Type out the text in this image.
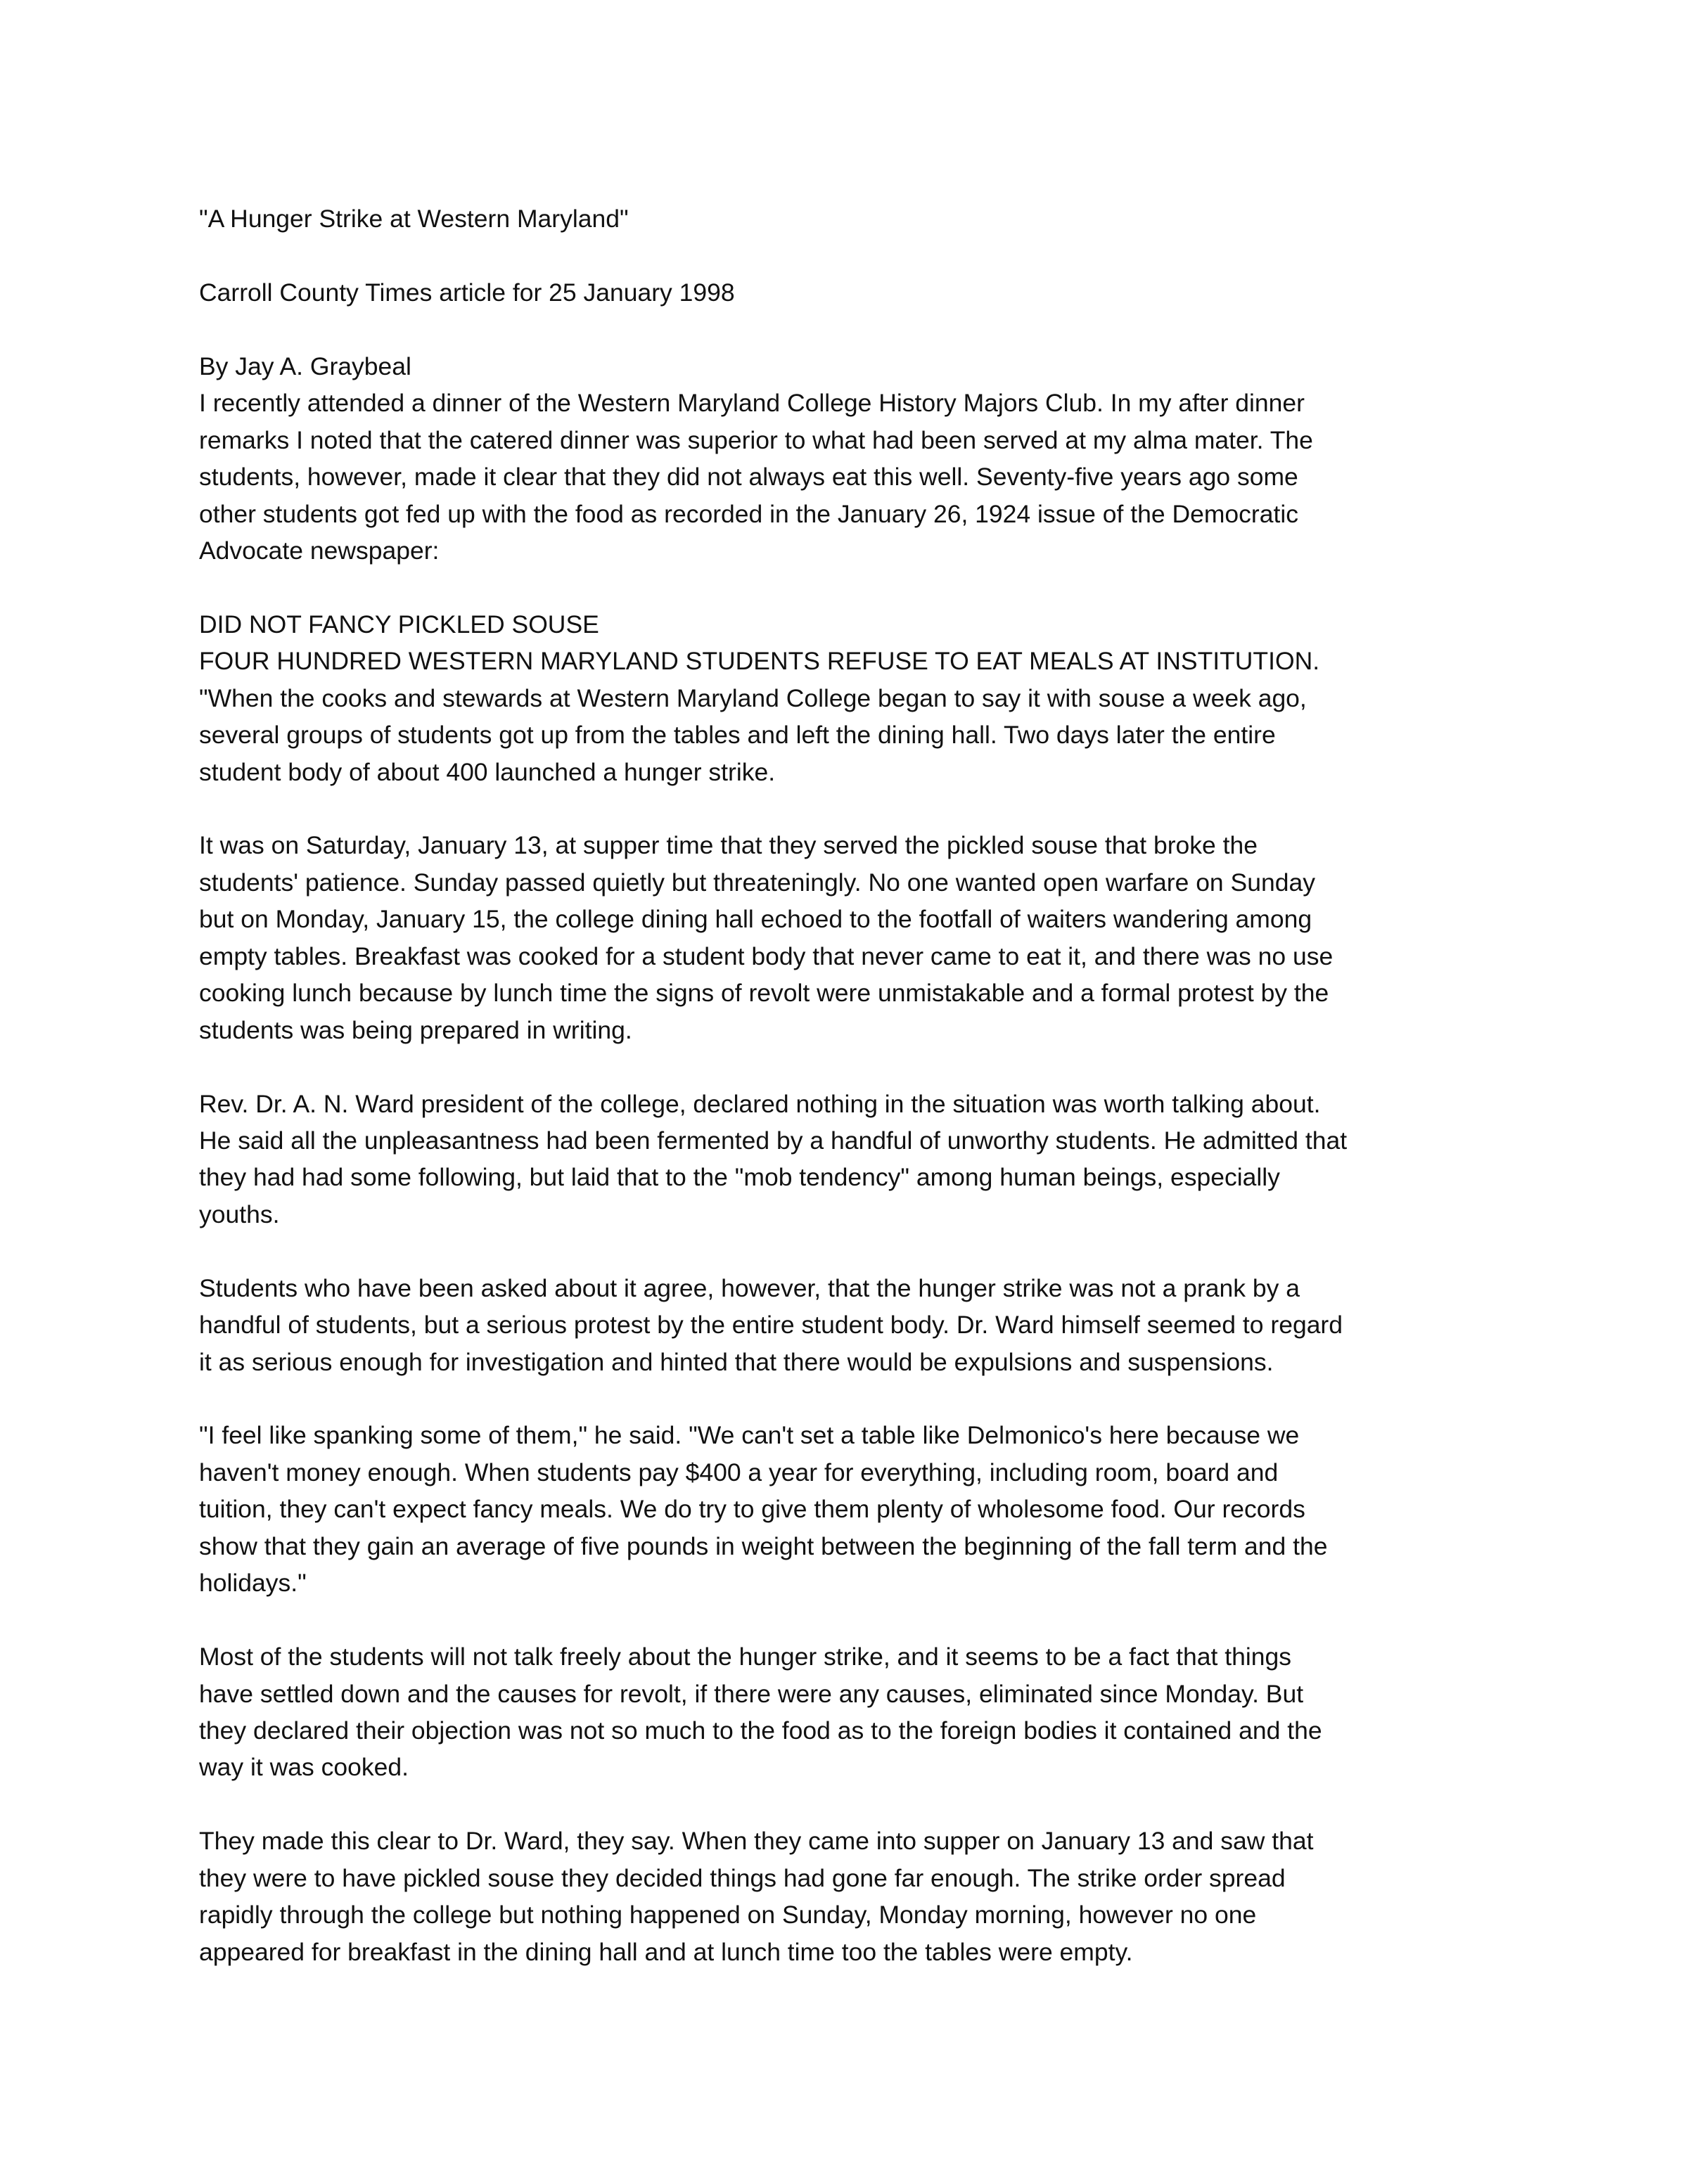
"A Hunger Strike at Western Maryland"
Carroll County Times article for 25 January 1998
By Jay A. Graybeal
I recently attended a dinner of the Western Maryland College History Majors Club. In my after dinner
remarks I noted that the catered dinner was superior to what had been served at my alma mater. The
students, however, made it clear that they did not always eat this well. Seventy-five years ago some
other students got fed up with the food as recorded in the January 26, 1924 issue of the Democratic
Advocate newspaper:
DID NOT FANCY PICKLED SOUSE
FOUR HUNDRED WESTERN MARYLAND STUDENTS REFUSE TO EAT MEALS AT INSTITUTION.
"When the cooks and stewards at Western Maryland College began to say it with souse a week ago,
several groups of students got up from the tables and left the dining hall. Two days later the entire
student body of about 400 launched a hunger strike.
It was on Saturday, January 13, at supper time that they served the pickled souse that broke the
students' patience. Sunday passed quietly but threateningly. No one wanted open warfare on Sunday
but on Monday, January 15, the college dining hall echoed to the footfall of waiters wandering among
empty tables. Breakfast was cooked for a student body that never came to eat it, and there was no use
cooking lunch because by lunch time the signs of revolt were unmistakable and a formal protest by the
students was being prepared in writing.
Rev. Dr. A. N. Ward president of the college, declared nothing in the situation was worth talking about.
He said all the unpleasantness had been fermented by a handful of unworthy students. He admitted that
they had had some following, but laid that to the "mob tendency" among human beings, especially
youths.
Students who have been asked about it agree, however, that the hunger strike was not a prank by a
handful of students, but a serious protest by the entire student body. Dr. Ward himself seemed to regard
it as serious enough for investigation and hinted that there would be expulsions and suspensions.
"I feel like spanking some of them," he said. "We can't set a table like Delmonico's here because we
haven't money enough. When students pay $400 a year for everything, including room, board and
tuition, they can't expect fancy meals. We do try to give them plenty of wholesome food. Our records
show that they gain an average of five pounds in weight between the beginning of the fall term and the
holidays."
Most of the students will not talk freely about the hunger strike, and it seems to be a fact that things
have settled down and the causes for revolt, if there were any causes, eliminated since Monday. But
they declared their objection was not so much to the food as to the foreign bodies it contained and the
way it was cooked.
They made this clear to Dr. Ward, they say. When they came into supper on January 13 and saw that
they were to have pickled souse they decided things had gone far enough. The strike order spread
rapidly through the college but nothing happened on Sunday, Monday morning, however no one
appeared for breakfast in the dining hall and at lunch time too the tables were empty.
